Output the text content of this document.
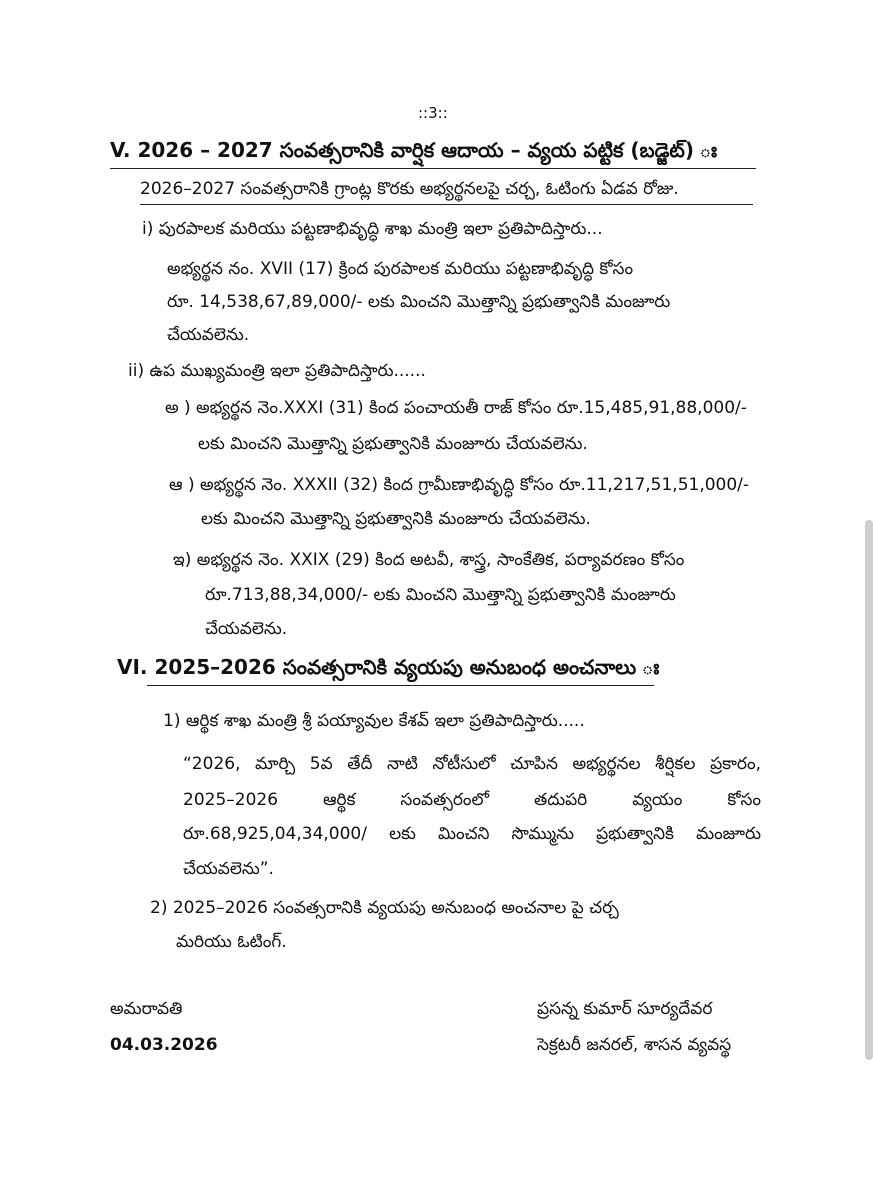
::3::
V. 2026 – 2027 సంవత్సరానికి వార్షిక ఆదాయ – వ్యయ పట్టిక (బడ్జెట్) ః
2026–2027 సంవత్సరానికి గ్రాంట్ల కొరకు అభ్యర్థనలపై చర్చ, ఓటింగు ఏడవ రోజు.
i) పురపాలక మరియు పట్టణాభివృద్ధి శాఖ మంత్రి ఇలా ప్రతిపాదిస్తారు...
అభ్యర్థన నం. XVII (17) క్రింద పురపాలక మరియు పట్టణాభివృద్ధి కోసం
రూ. 14,538,67,89,000/- లకు మించని మొత్తాన్ని ప్రభుత్వానికి మంజూరు
చేయవలెను.
ii) ఉప ముఖ్యమంత్రి ఇలా ప్రతిపాదిస్తారు......
అ ) అభ్యర్థన నెం.XXXI (31) కింద పంచాయతీ రాజ్ కోసం రూ.15,485,91,88,000/-
లకు మించని మొత్తాన్ని ప్రభుత్వానికి మంజూరు చేయవలెను.
ఆ ) అభ్యర్థన నెం. XXXII (32) కింద గ్రామీణాభివృద్ధి కోసం రూ.11,217,51,51,000/-
లకు మించని మొత్తాన్ని ప్రభుత్వానికి మంజూరు చేయవలెను.
ఇ) అభ్యర్థన నెం. XXIX (29) కింద అటవీ, శాస్త్ర, సాంకేతిక, పర్యావరణం కోసం
రూ.713,88,34,000/- లకు మించని మొత్తాన్ని ప్రభుత్వానికి మంజూరు
చేయవలెను.
VI. 2025–2026 సంవత్సరానికి వ్యయపు అనుబంధ అంచనాలు ః
1) ఆర్థిక శాఖ మంత్రి శ్రీ పయ్యావుల కేశవ్ ఇలా ప్రతిపాదిస్తారు.....
“2026, మార్చి 5వ తేదీ నాటి నోటీసులో చూపిన అభ్యర్థనల శీర్షికల ప్రకారం,
2025–2026 ఆర్థిక సంవత్సరంలో తదుపరి వ్యయం కోసం
రూ.68,925,04,34,000/ లకు మించని సొమ్మును ప్రభుత్వానికి మంజూరు
చేయవలెను”.
2) 2025–2026 సంవత్సరానికి వ్యయపు అనుబంధ అంచనాల పై చర్చ
మరియు ఓటింగ్.
అమరావతి
04.03.2026
ప్రసన్న కుమార్ సూర్యదేవర
సెక్రటరీ జనరల్, శాసన వ్యవస్థ
